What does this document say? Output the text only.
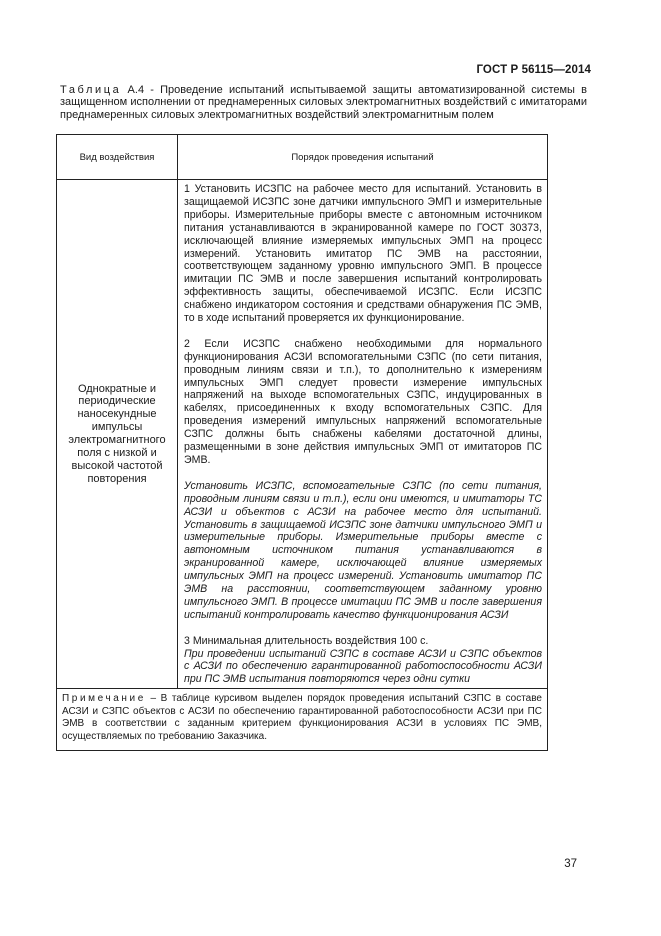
ГОСТ Р 56115—2014
Таблица А.4 - Проведение испытаний испытываемой защиты автоматизированной системы в защищенном исполнении от преднамеренных силовых электромагнитных воздействий с имитаторами преднамеренных силовых электромагнитных воздействий электромагнитным полем
Вид воздействия	Порядок проведения испытаний
Однократные и периодические наносекундные импульсы электромагнитного поля с низкой и высокой частотой повторения	1 Установить ИСЗПС на рабочее место для испытаний. Установить в защищаемой ИСЗПС зоне датчики импульсного ЭМП и измерительные приборы. Измерительные приборы вместе с автономным источником питания устанавливаются в экранированной камере по ГОСТ 30373, исключающей влияние измеряемых импульсных ЭМП на процесс измерений. Установить имитатор ПС ЭМВ на расстоянии, соответствующем заданному уровню импульсного ЭМП. В процессе имитации ПС ЭМВ и после завершения испытаний контролировать эффективность защиты, обеспечиваемой ИСЗПС. Если ИСЗПС снабжено индикатором состояния и средствами обнаружения ПС ЭМВ, то в ходе испытаний проверяется их функционирование.

2 Если ИСЗПС снабжено необходимыми для нормального функционирования АСЗИ вспомогательными СЗПС (по сети питания, проводным линиям связи и т.п.), то дополнительно к измерениям импульсных ЭМП следует провести измерение импульсных напряжений на выходе вспомогательных СЗПС, индуцированных в кабелях, присоединенных к входу вспомогательных СЗПС. Для проведения измерений импульсных напряжений вспомогательные СЗПС должны быть снабжены кабелями достаточной длины, размещенными в зоне действия импульсных ЭМП от имитаторов ПС ЭМВ.

Установить ИСЗПС, вспомогательные СЗПС (по сети питания, проводным линиям связи и т.п.), если они имеются, и имитаторы ТС АСЗИ и объектов с АСЗИ на рабочее место для испытаний. Установить в защищаемой ИСЗПС зоне датчики импульсного ЭМП и измерительные приборы. Измерительные приборы вместе с автономным источником питания устанавливаются в экранированной камере, исключающей влияние измеряемых импульсных ЭМП на процесс измерений. Установить имитатор ПС ЭМВ на расстоянии, соответствующем заданному уровню импульсного ЭМП. В процессе имитации ПС ЭМВ и после завершения испытаний контролировать качество функционирования АСЗИ

3 Минимальная длительность воздействия 100 с.

При проведении испытаний СЗПС в составе АСЗИ и СЗПС объектов с АСЗИ по обеспечению гарантированной работоспособности АСЗИ при ПС ЭМВ испытания повторяются через одни сутки

Примечание – В таблице курсивом выделен порядок проведения испытаний СЗПС в составе АСЗИ и СЗПС объектов с АСЗИ по обеспечению гарантированной работоспособности АСЗИ при ПС ЭМВ в соответствии с заданным критерием функционирования АСЗИ в условиях ПС ЭМВ, осуществляемых по требованию Заказчика.	
37
